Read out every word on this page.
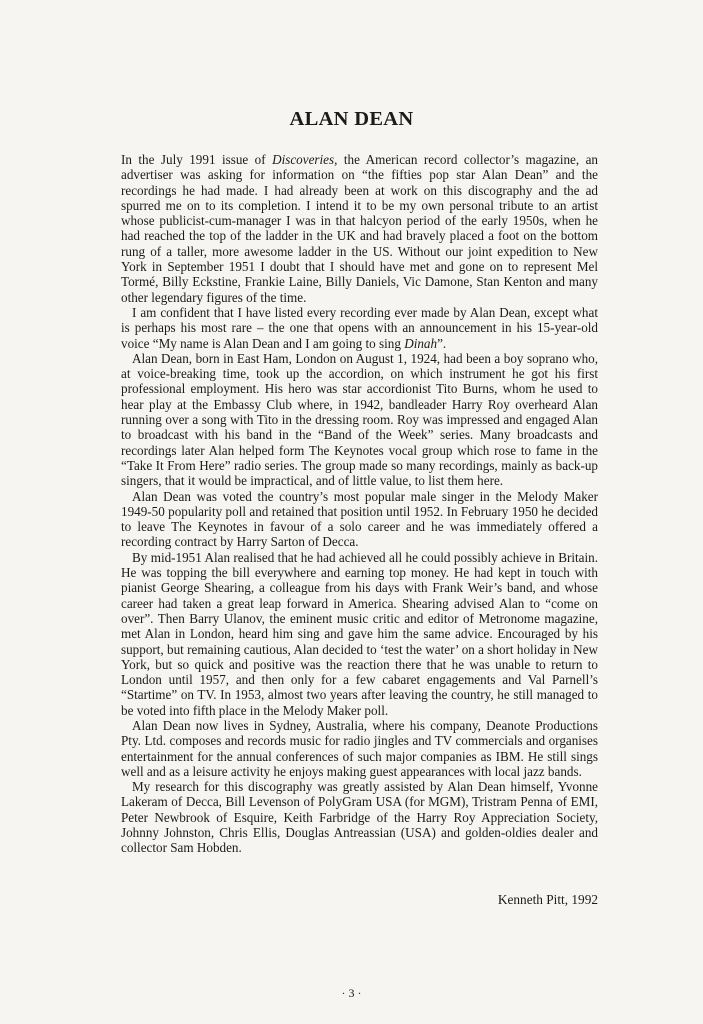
ALAN DEAN

In the July 1991 issue of Discoveries, the American record collector’s magazine, an advertiser was asking for information on “the fifties pop star Alan Dean” and the recordings he had made. I had already been at work on this discography and the ad spurred me on to its completion. I intend it to be my own personal tribute to an artist whose publicist-cum-manager I was in that halcyon period of the early 1950s, when he had reached the top of the ladder in the UK and had bravely placed a foot on the bottom rung of a taller, more awesome ladder in the US. Without our joint expedition to New York in September 1951 I doubt that I should have met and gone on to represent Mel Tormé, Billy Eckstine, Frankie Laine, Billy Daniels, Vic Damone, Stan Kenton and many other legendary figures of the time.

I am confident that I have listed every recording ever made by Alan Dean, except what is perhaps his most rare – the one that opens with an announcement in his 15-year-old voice “My name is Alan Dean and I am going to sing Dinah”.

Alan Dean, born in East Ham, London on August 1, 1924, had been a boy soprano who, at voice-breaking time, took up the accordion, on which instrument he got his first professional employment. His hero was star accordionist Tito Burns, whom he used to hear play at the Embassy Club where, in 1942, bandleader Harry Roy overheard Alan running over a song with Tito in the dressing room. Roy was impressed and engaged Alan to broadcast with his band in the “Band of the Week” series. Many broadcasts and recordings later Alan helped form The Keynotes vocal group which rose to fame in the “Take It From Here” radio series. The group made so many recordings, mainly as back-up singers, that it would be impractical, and of little value, to list them here.

Alan Dean was voted the country’s most popular male singer in the Melody Maker 1949-50 popularity poll and retained that position until 1952. In February 1950 he decided to leave The Keynotes in favour of a solo career and he was immediately offered a recording contract by Harry Sarton of Decca.

By mid-1951 Alan realised that he had achieved all he could possibly achieve in Britain. He was topping the bill everywhere and earning top money. He had kept in touch with pianist George Shearing, a colleague from his days with Frank Weir’s band, and whose career had taken a great leap forward in America. Shearing advised Alan to “come on over”. Then Barry Ulanov, the eminent music critic and editor of Metronome magazine, met Alan in London, heard him sing and gave him the same advice. Encouraged by his support, but remaining cautious, Alan decided to ‘test the water’ on a short holiday in New York, but so quick and positive was the reaction there that he was unable to return to London until 1957, and then only for a few cabaret engagements and Val Parnell’s “Startime” on TV. In 1953, almost two years after leaving the country, he still managed to be voted into fifth place in the Melody Maker poll.

Alan Dean now lives in Sydney, Australia, where his company, Deanote Productions Pty. Ltd. composes and records music for radio jingles and TV commercials and organises entertainment for the annual conferences of such major companies as IBM. He still sings well and as a leisure activity he enjoys making guest appearances with local jazz bands.

My research for this discography was greatly assisted by Alan Dean himself, Yvonne Lakeram of Decca, Bill Levenson of PolyGram USA (for MGM), Tristram Penna of EMI, Peter Newbrook of Esquire, Keith Farbridge of the Harry Roy Appreciation Society, Johnny Johnston, Chris Ellis, Douglas Antreassian (USA) and golden-oldies dealer and collector Sam Hobden.

Kenneth Pitt, 1992
· 3 ·
